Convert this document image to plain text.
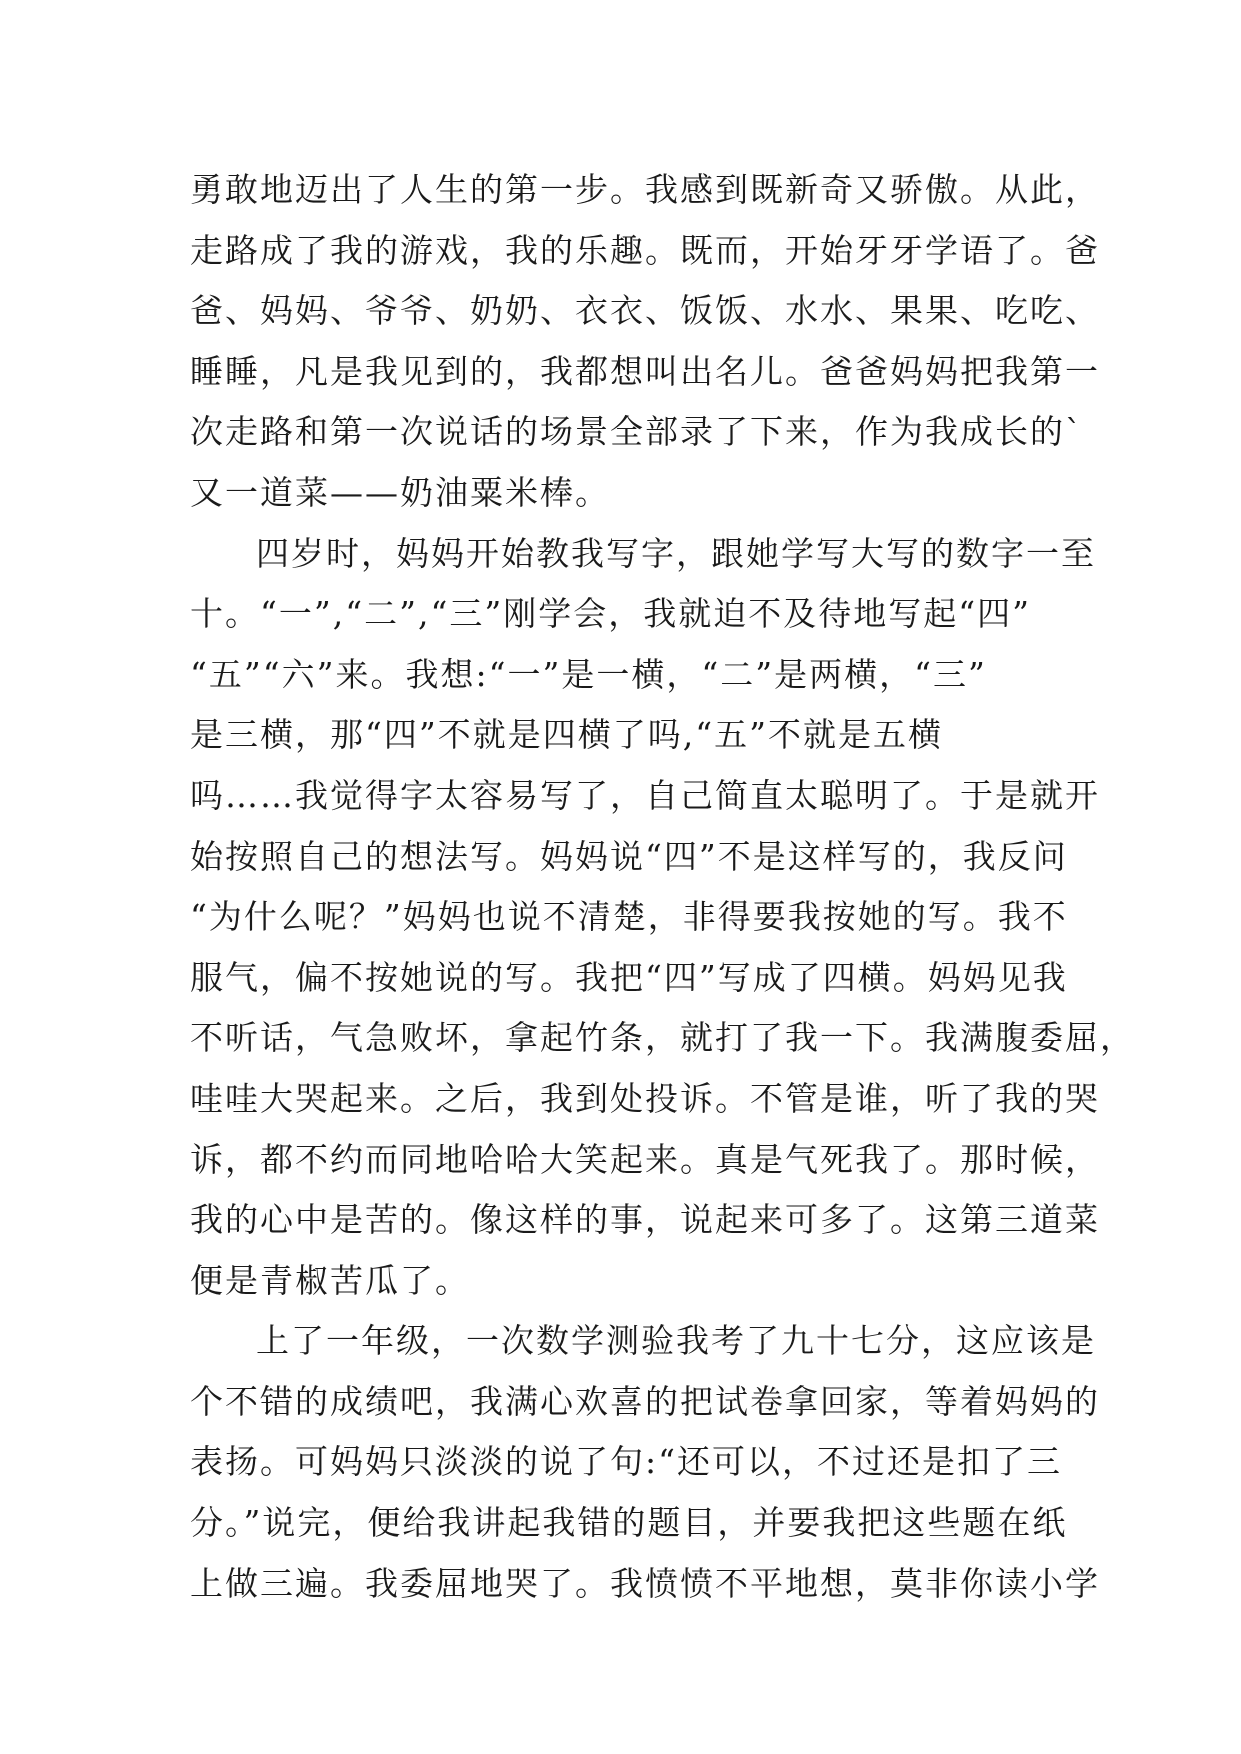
勇敢地迈出了人生的第一步。我感到既新奇又骄傲。从此，
走路成了我的游戏，我的乐趣。既而，开始牙牙学语了。爸
爸、妈妈、爷爷、奶奶、衣衣、饭饭、水水、果果、吃吃、
睡睡，凡是我见到的，我都想叫出名儿。爸爸妈妈把我第一
次走路和第一次说话的场景全部录了下来，作为我成长的`
又一道菜——奶油粟米棒。
四岁时，妈妈开始教我写字，跟她学写大写的数字一至
十。“一”,“二”,“三”刚学会，我就迫不及待地写起“四”
“五”“六”来。我想:“一”是一横，“二”是两横，“三”
是三横，那“四”不就是四横了吗,“五”不就是五横
吗……我觉得字太容易写了，自己简直太聪明了。于是就开
始按照自己的想法写。妈妈说“四”不是这样写的，我反问
“为什么呢？”妈妈也说不清楚，非得要我按她的写。我不
服气，偏不按她说的写。我把“四”写成了四横。妈妈见我
不听话，气急败坏，拿起竹条，就打了我一下。我满腹委屈，
哇哇大哭起来。之后，我到处投诉。不管是谁，听了我的哭
诉，都不约而同地哈哈大笑起来。真是气死我了。那时候，
我的心中是苦的。像这样的事，说起来可多了。这第三道菜
便是青椒苦瓜了。
上了一年级，一次数学测验我考了九十七分，这应该是
个不错的成绩吧，我满心欢喜的把试卷拿回家，等着妈妈的
表扬。可妈妈只淡淡的说了句:“还可以，不过还是扣了三
分。”说完，便给我讲起我错的题目，并要我把这些题在纸
上做三遍。我委屈地哭了。我愤愤不平地想，莫非你读小学
